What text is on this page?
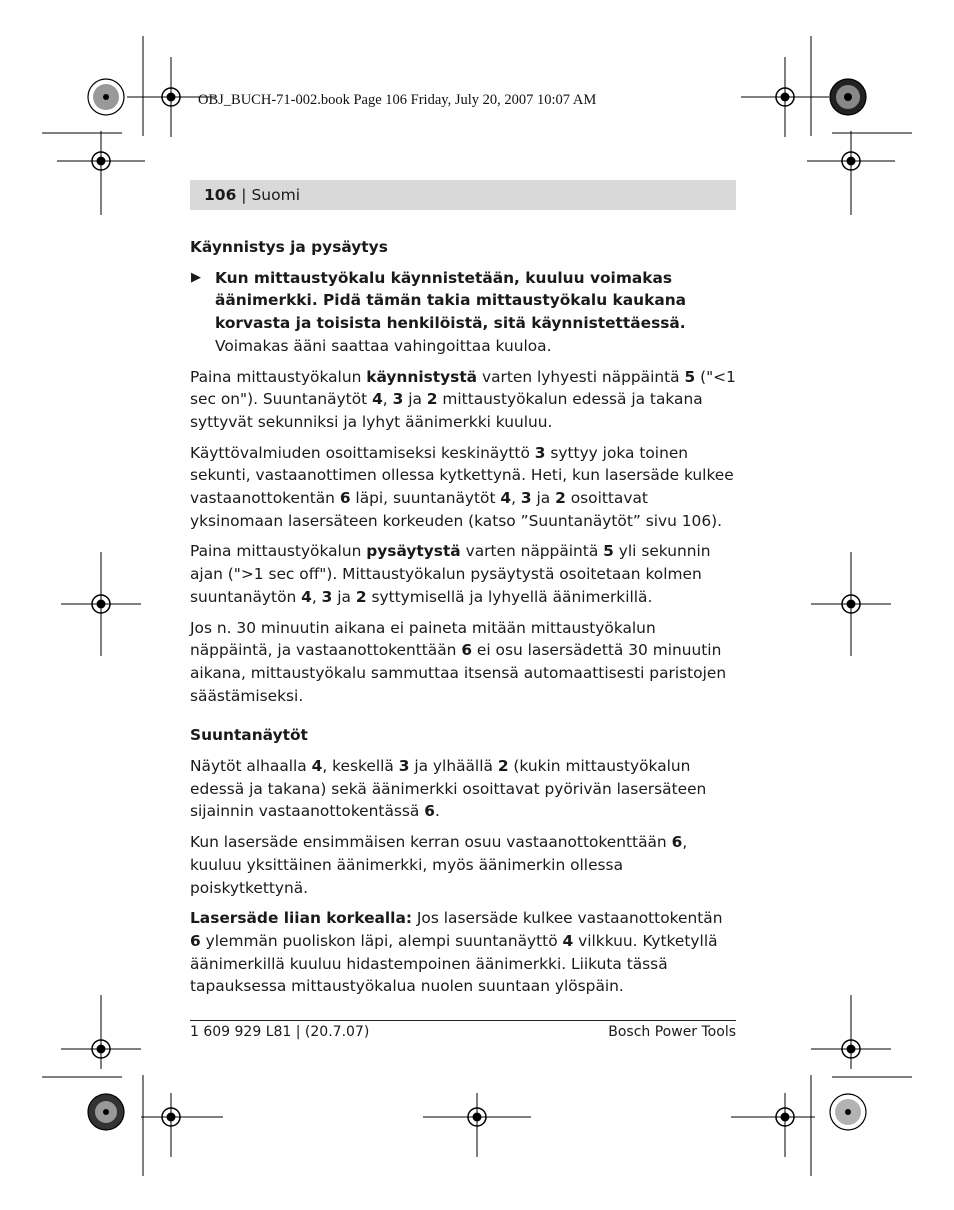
OBJ_BUCH-71-002.book Page 106 Friday, July 20, 2007 10:07 AM
106 | Suomi
Käynnistys ja pysäytys
▶ Kun mittaustyökalu käynnistetään, kuuluu voimakas äänimerkki. Pidä tämän takia mittaustyökalu kaukana korvasta ja toisista henkilöistä, sitä käynnistettäessä. Voimakas ääni saattaa vahingoittaa kuuloa.

Paina mittaustyökalun käynnistystä varten lyhyesti näppäintä 5 ("<1 sec on"). Suuntanäytöt 4, 3 ja 2 mittaustyökalun edessä ja takana syttyvät sekunniksi ja lyhyt äänimerkki kuuluu.

Käyttövalmiuden osoittamiseksi keskinäyttö 3 syttyy joka toinen sekunti, vastaanottimen ollessa kytkettynä. Heti, kun lasersäde kulkee vastaanottokentän 6 läpi, suuntanäytöt 4, 3 ja 2 osoittavat yksinomaan lasersäteen korkeuden (katso ”Suuntanäytöt” sivu 106).

Paina mittaustyökalun pysäytystä varten näppäintä 5 yli sekunnin ajan (">1 sec off"). Mittaustyökalun pysäytystä osoitetaan kolmen suuntanäytön 4, 3 ja 2 syttymisellä ja lyhyellä äänimerkillä.

Jos n. 30 minuutin aikana ei paineta mitään mittaustyökalun näppäintä, ja vastaanottokenttään 6 ei osu lasersädettä 30 minuutin aikana, mittaustyökalu sammuttaa itsensä automaattisesti paristojen säästämiseksi.

Suuntanäytöt

Näytöt alhaalla 4, keskellä 3 ja ylhäällä 2 (kukin mittaustyökalun edessä ja takana) sekä äänimerkki osoittavat pyörivän lasersäteen sijainnin vastaanottokentässä 6.

Kun lasersäde ensimmäisen kerran osuu vastaanottokenttään 6, kuuluu yksittäinen äänimerkki, myös äänimerkin ollessa poiskytkettynä.

Lasersäde liian korkealla: Jos lasersäde kulkee vastaanottokentän 6 ylemmän puoliskon läpi, alempi suuntanäyttö 4 vilkkuu. Kytketyllä äänimerkillä kuuluu hidastempoinen äänimerkki. Liikuta tässä tapauksessa mittaustyökalua nuolen suuntaan ylöspäin.

1 609 929 L81 | (20.7.07)	Bosch Power Tools
